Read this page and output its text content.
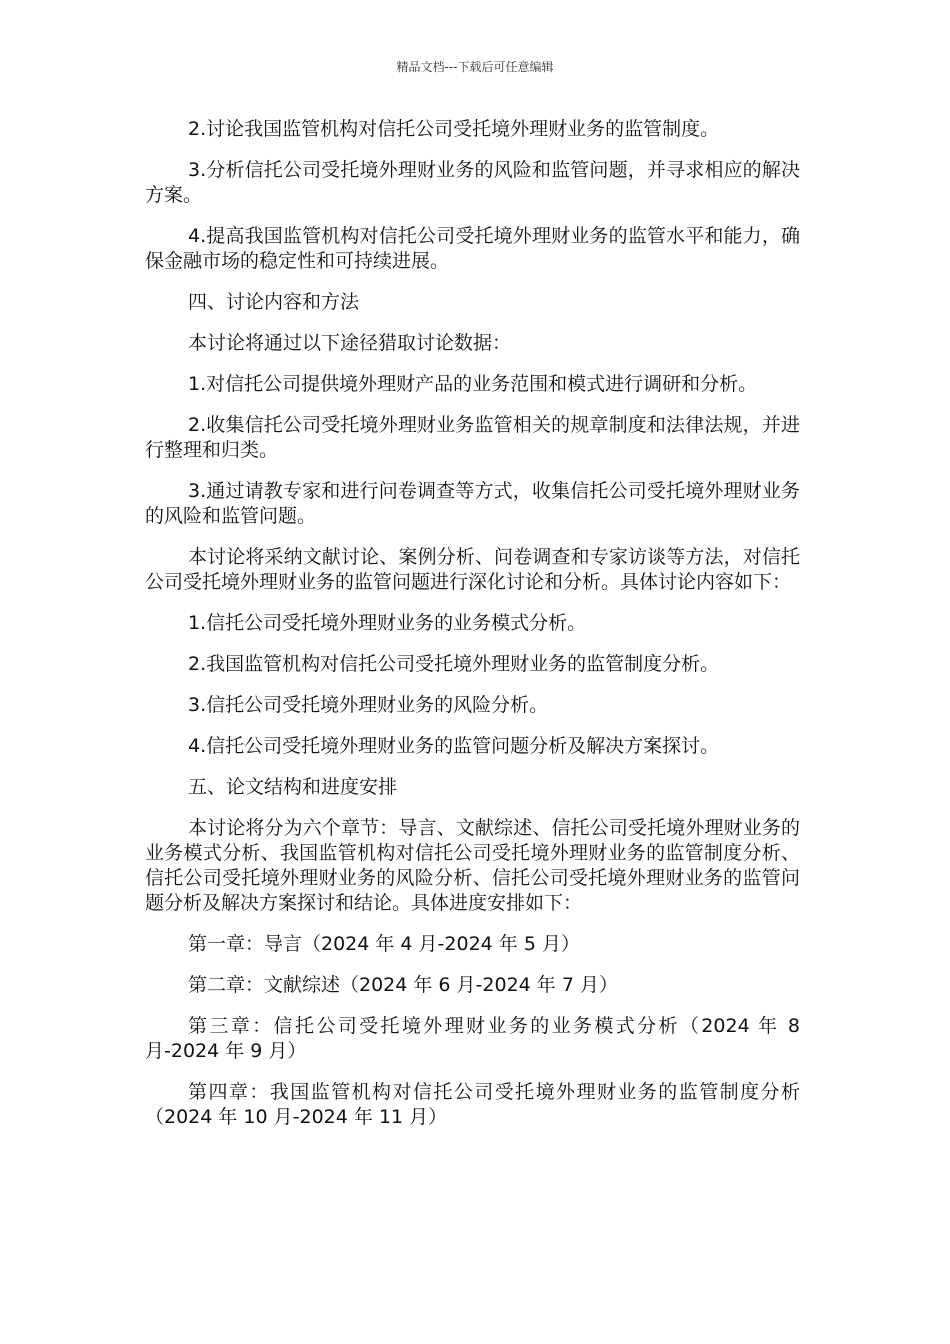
精品文档---下载后可任意编辑

2.讨论我国监管机构对信托公司受托境外理财业务的监管制度。

3.分析信托公司受托境外理财业务的风险和监管问题，并寻求相应的解决方案。

4.提高我国监管机构对信托公司受托境外理财业务的监管水平和能力，确保金融市场的稳定性和可持续进展。

四、讨论内容和方法

本讨论将通过以下途径猎取讨论数据：

1.对信托公司提供境外理财产品的业务范围和模式进行调研和分析。

2.收集信托公司受托境外理财业务监管相关的规章制度和法律法规，并进行整理和归类。

3.通过请教专家和进行问卷调查等方式，收集信托公司受托境外理财业务的风险和监管问题。

本讨论将采纳文献讨论、案例分析、问卷调查和专家访谈等方法，对信托公司受托境外理财业务的监管问题进行深化讨论和分析。具体讨论内容如下：

1.信托公司受托境外理财业务的业务模式分析。

2.我国监管机构对信托公司受托境外理财业务的监管制度分析。

3.信托公司受托境外理财业务的风险分析。

4.信托公司受托境外理财业务的监管问题分析及解决方案探讨。

五、论文结构和进度安排

本讨论将分为六个章节：导言、文献综述、信托公司受托境外理财业务的业务模式分析、我国监管机构对信托公司受托境外理财业务的监管制度分析、信托公司受托境外理财业务的风险分析、信托公司受托境外理财业务的监管问题分析及解决方案探讨和结论。具体进度安排如下：

第一章：导言（2024 年 4 月-2024 年 5 月）

第二章：文献综述（2024 年 6 月-2024 年 7 月）

第三章：信托公司受托境外理财业务的业务模式分析（2024 年 8 月-2024 年 9 月）

第四章：我国监管机构对信托公司受托境外理财业务的监管制度分析（2024 年 10 月-2024 年 11 月）
